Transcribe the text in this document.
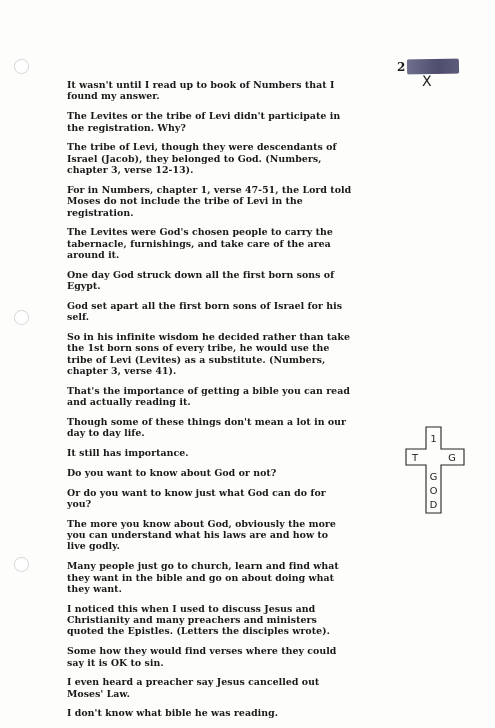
2
X

It wasn't until I read up to book of Numbers that I
found my answer.

The Levites or the tribe of Levi didn't participate in
the registration. Why?

The tribe of Levi, though they were descendants of
Israel (Jacob), they belonged to God. (Numbers,
chapter 3, verse 12-13).

For in Numbers, chapter 1, verse 47-51, the Lord told
Moses do not include the tribe of Levi in the
registration.

The Levites were God's chosen people to carry the
tabernacle, furnishings, and take care of the area
around it.

One day God struck down all the first born sons of
Egypt.

God set apart all the first born sons of Israel for his
self.

So in his infinite wisdom he decided rather than take
the 1st born sons of every tribe, he would use the
tribe of Levi (Levites) as a substitute. (Numbers,
chapter 3, verse 41).

That's the importance of getting a bible you can read
and actually reading it.

Though some of these things don't mean a lot in our
day to day life.

It still has importance.

Do you want to know about God or not?

Or do you want to know just what God can do for
you?

The more you know about God, obviously the more
you can understand what his laws are and how to
live godly.

Many people just go to church, learn and find what
they want in the bible and go on about doing what
they want.

I noticed this when I used to discuss Jesus and
Christianity and many preachers and ministers
quoted the Epistles. (Letters the disciples wrote).

Some how they would find verses where they could
say it is OK to sin.

I even heard a preacher say Jesus cancelled out
Moses' Law.

I don't know what bible he was reading.

1
T	G
G
O
D
